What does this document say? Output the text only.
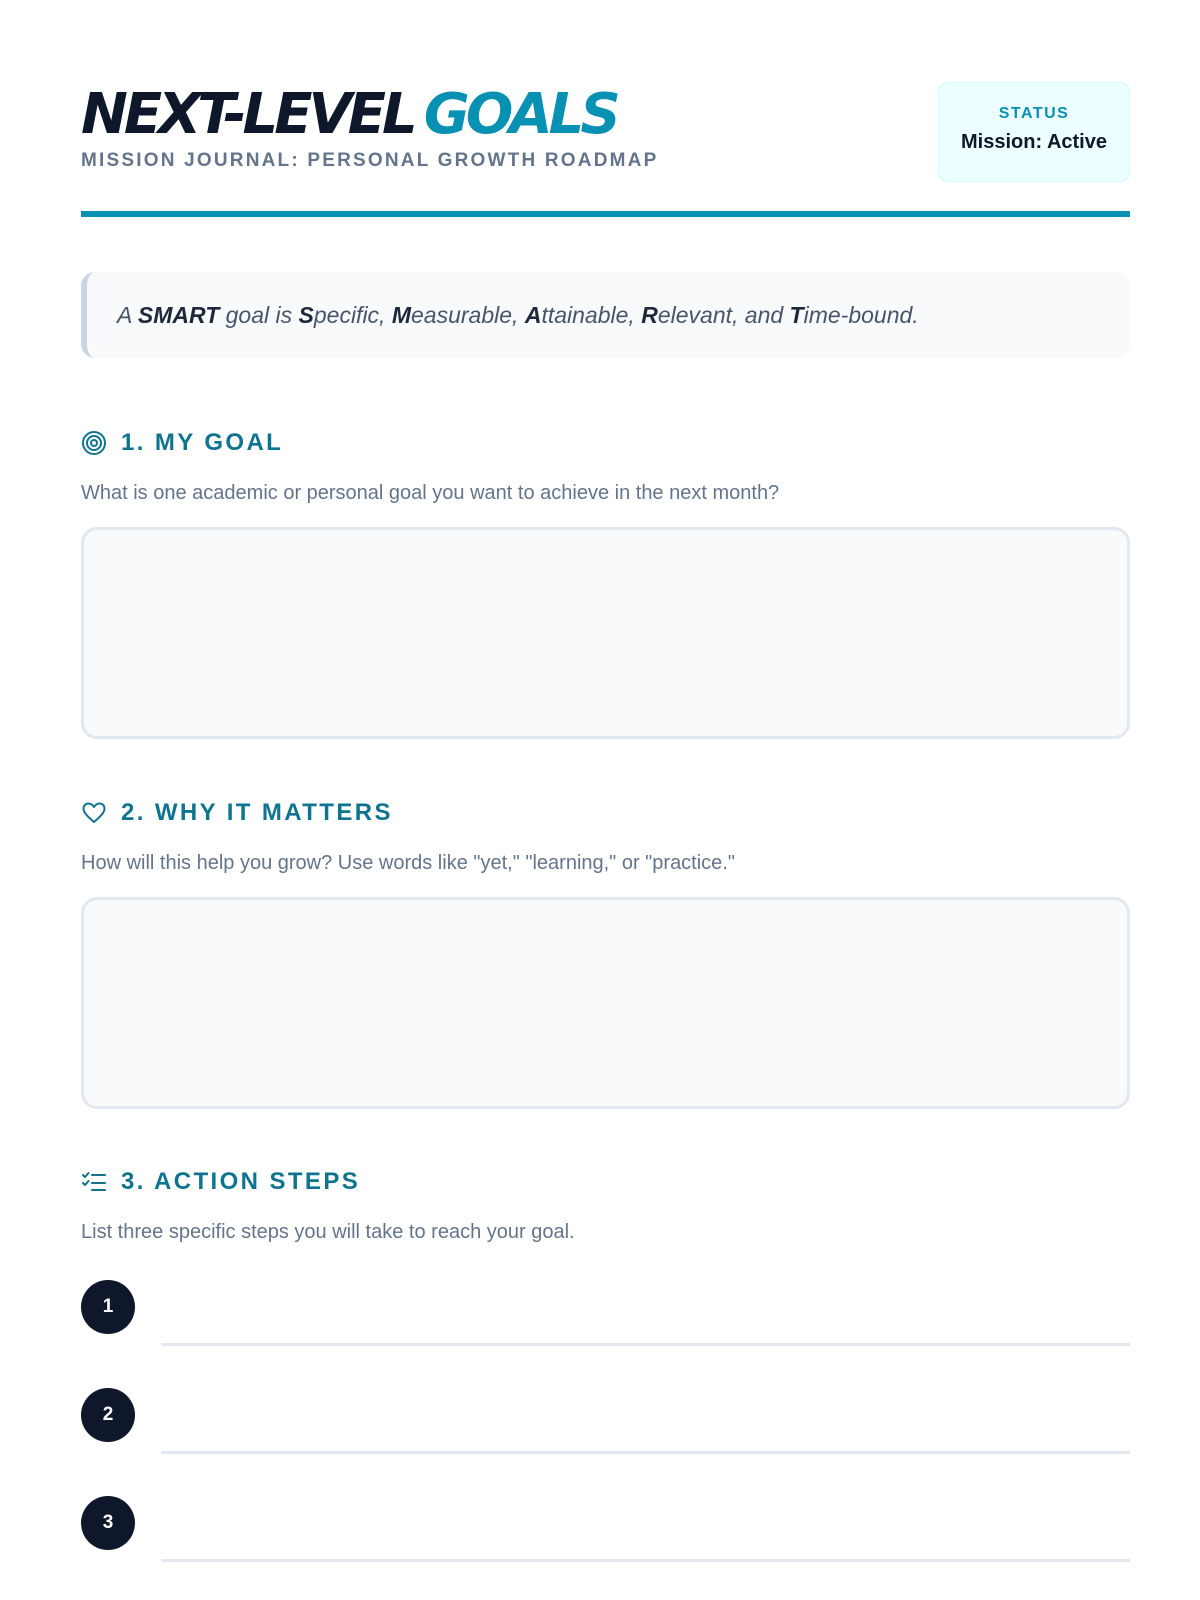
NEXT-LEVEL GOALS
MISSION JOURNAL: PERSONAL GROWTH ROADMAP
STATUS
Mission: Active
A SMART goal is Specific, Measurable, Attainable, Relevant, and Time-bound.
1. MY GOAL
What is one academic or personal goal you want to achieve in the next month?
2. WHY IT MATTERS
How will this help you grow? Use words like "yet," "learning," or "practice."
3. ACTION STEPS
List three specific steps you will take to reach your goal.
1
2
3
